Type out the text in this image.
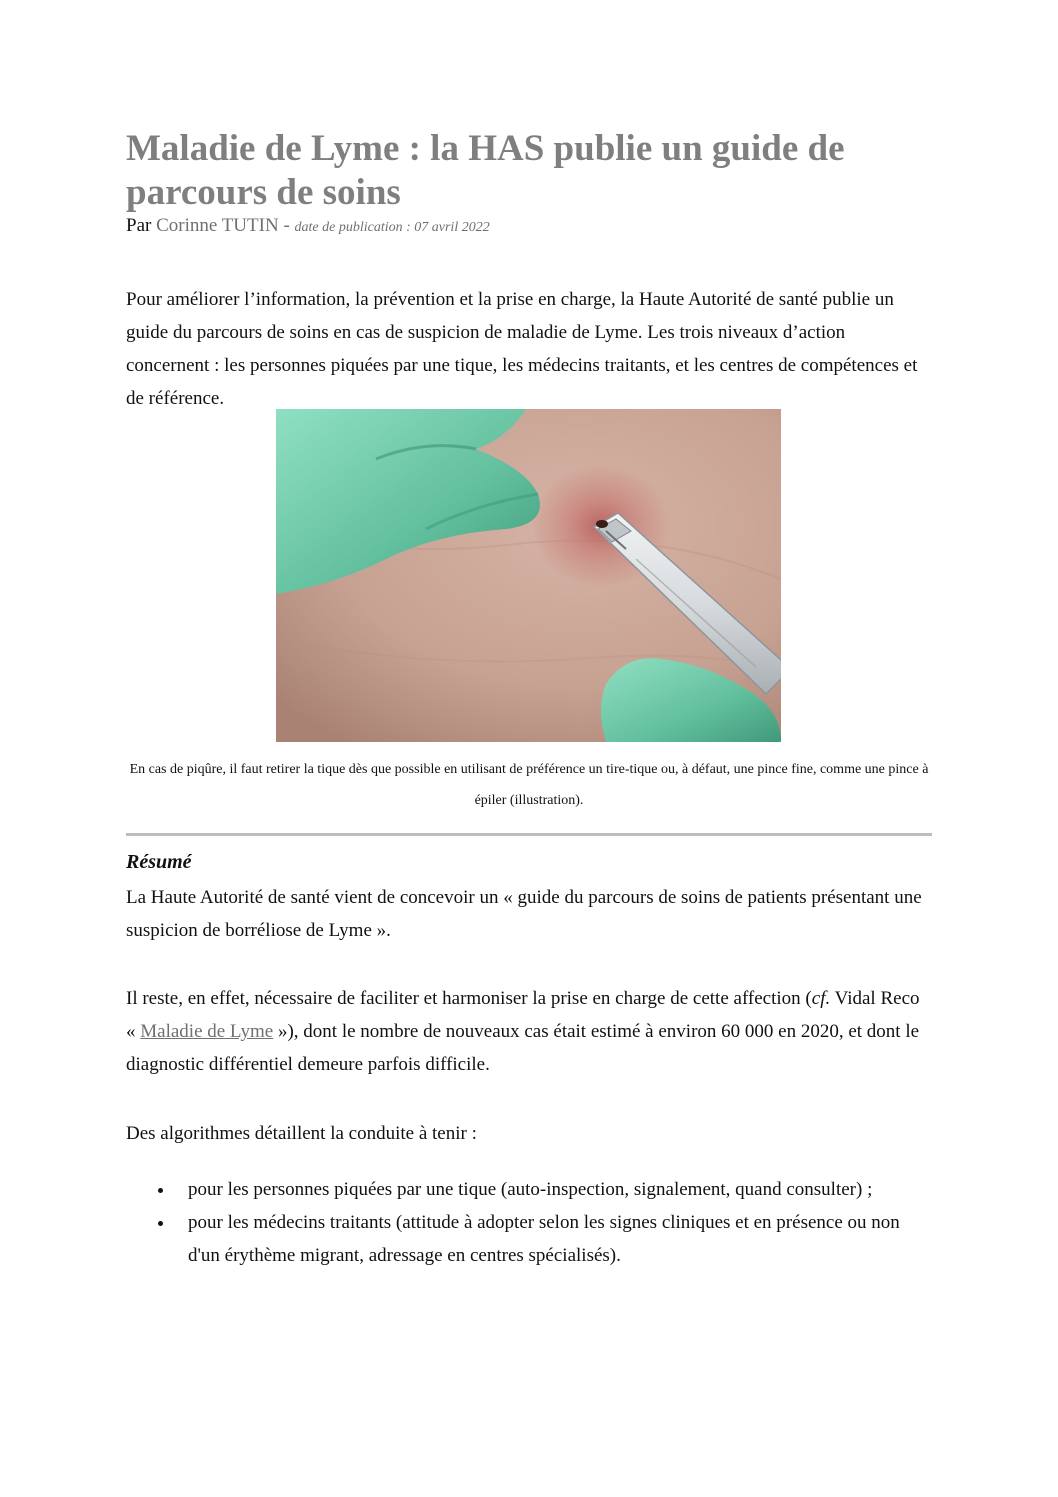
Maladie de Lyme : la HAS publie un guide de parcours de soins
Par Corinne TUTIN - date de publication : 07 avril 2022

Pour améliorer l’information, la prévention et la prise en charge, la Haute Autorité de santé publie un guide du parcours de soins en cas de suspicion de maladie de Lyme. Les trois niveaux d’action concernent : les personnes piquées par une tique, les médecins traitants, et les centres de compétences et de référence.

En cas de piqûre, il faut retirer la tique dès que possible en utilisant de préférence un tire-tique ou, à défaut, une pince fine, comme une pince à épiler (illustration).

Résumé

La Haute Autorité de santé vient de concevoir un « guide du parcours de soins de patients présentant une suspicion de borréliose de Lyme ».

Il reste, en effet, nécessaire de faciliter et harmoniser la prise en charge de cette affection (cf. Vidal Reco « Maladie de Lyme »), dont le nombre de nouveaux cas était estimé à environ 60 000 en 2020, et dont le diagnostic différentiel demeure parfois difficile.

Des algorithmes détaillent la conduite à tenir :

pour les personnes piquées par une tique (auto-inspection, signalement, quand consulter) ;
pour les médecins traitants (attitude à adopter selon les signes cliniques et en présence ou non d'un érythème migrant, adressage en centres spécialisés).
